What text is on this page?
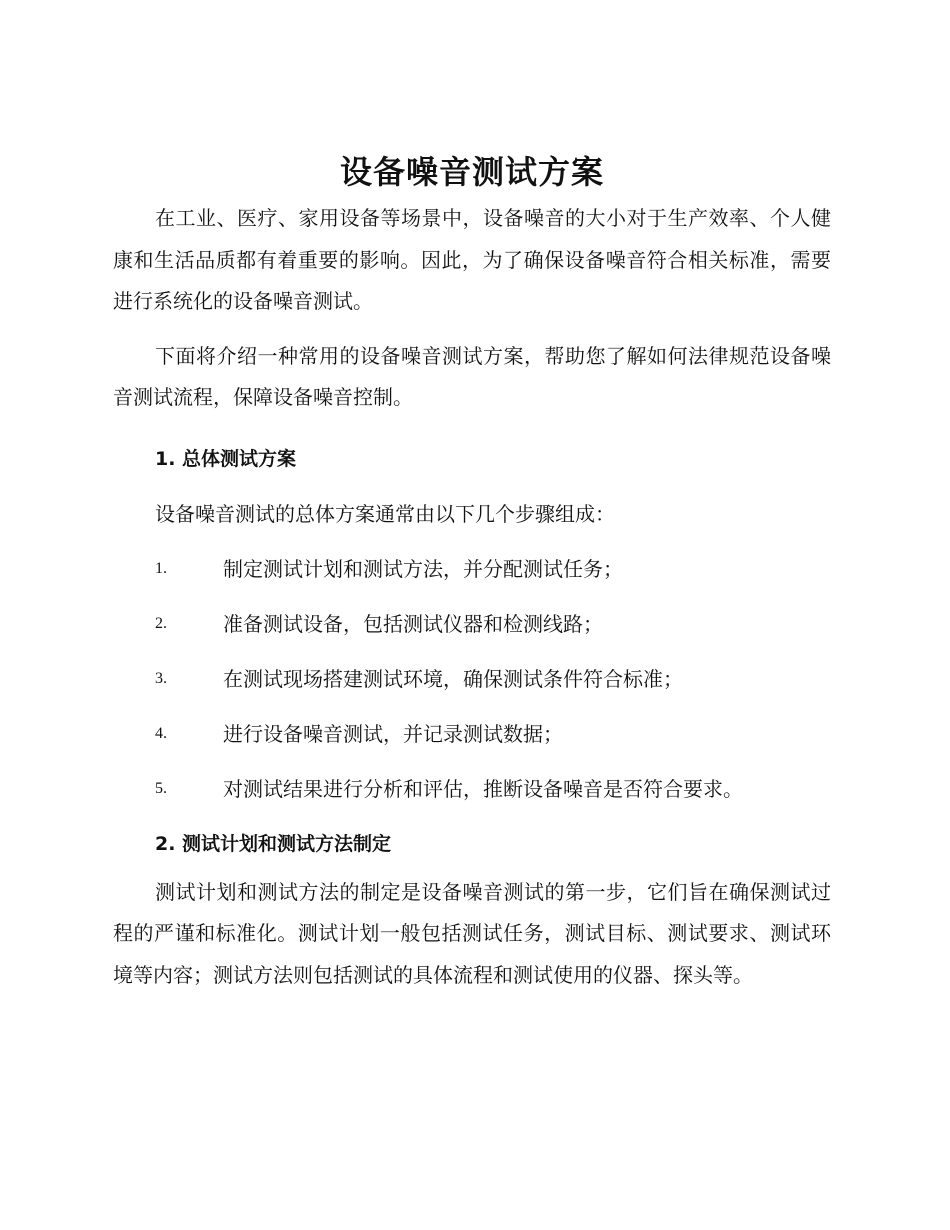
设备噪音测试方案

在工业、医疗、家用设备等场景中，设备噪音的大小对于生产效率、个人健康和生活品质都有着重要的影响。因此，为了确保设备噪音符合相关标准，需要进行系统化的设备噪音测试。

下面将介绍一种常用的设备噪音测试方案，帮助您了解如何法律规范设备噪音测试流程，保障设备噪音控制。

1. 总体测试方案
设备噪音测试的总体方案通常由以下几个步骤组成：
1.	制定测试计划和测试方法，并分配测试任务；
2.	准备测试设备，包括测试仪器和检测线路；
3.	在测试现场搭建测试环境，确保测试条件符合标准；
4.	进行设备噪音测试，并记录测试数据；
5.	对测试结果进行分析和评估，推断设备噪音是否符合要求。
2. 测试计划和测试方法制定

测试计划和测试方法的制定是设备噪音测试的第一步，它们旨在确保测试过程的严谨和标准化。测试计划一般包括测试任务，测试目标、测试要求、测试环境等内容；测试方法则包括测试的具体流程和测试使用的仪器、探头等。
